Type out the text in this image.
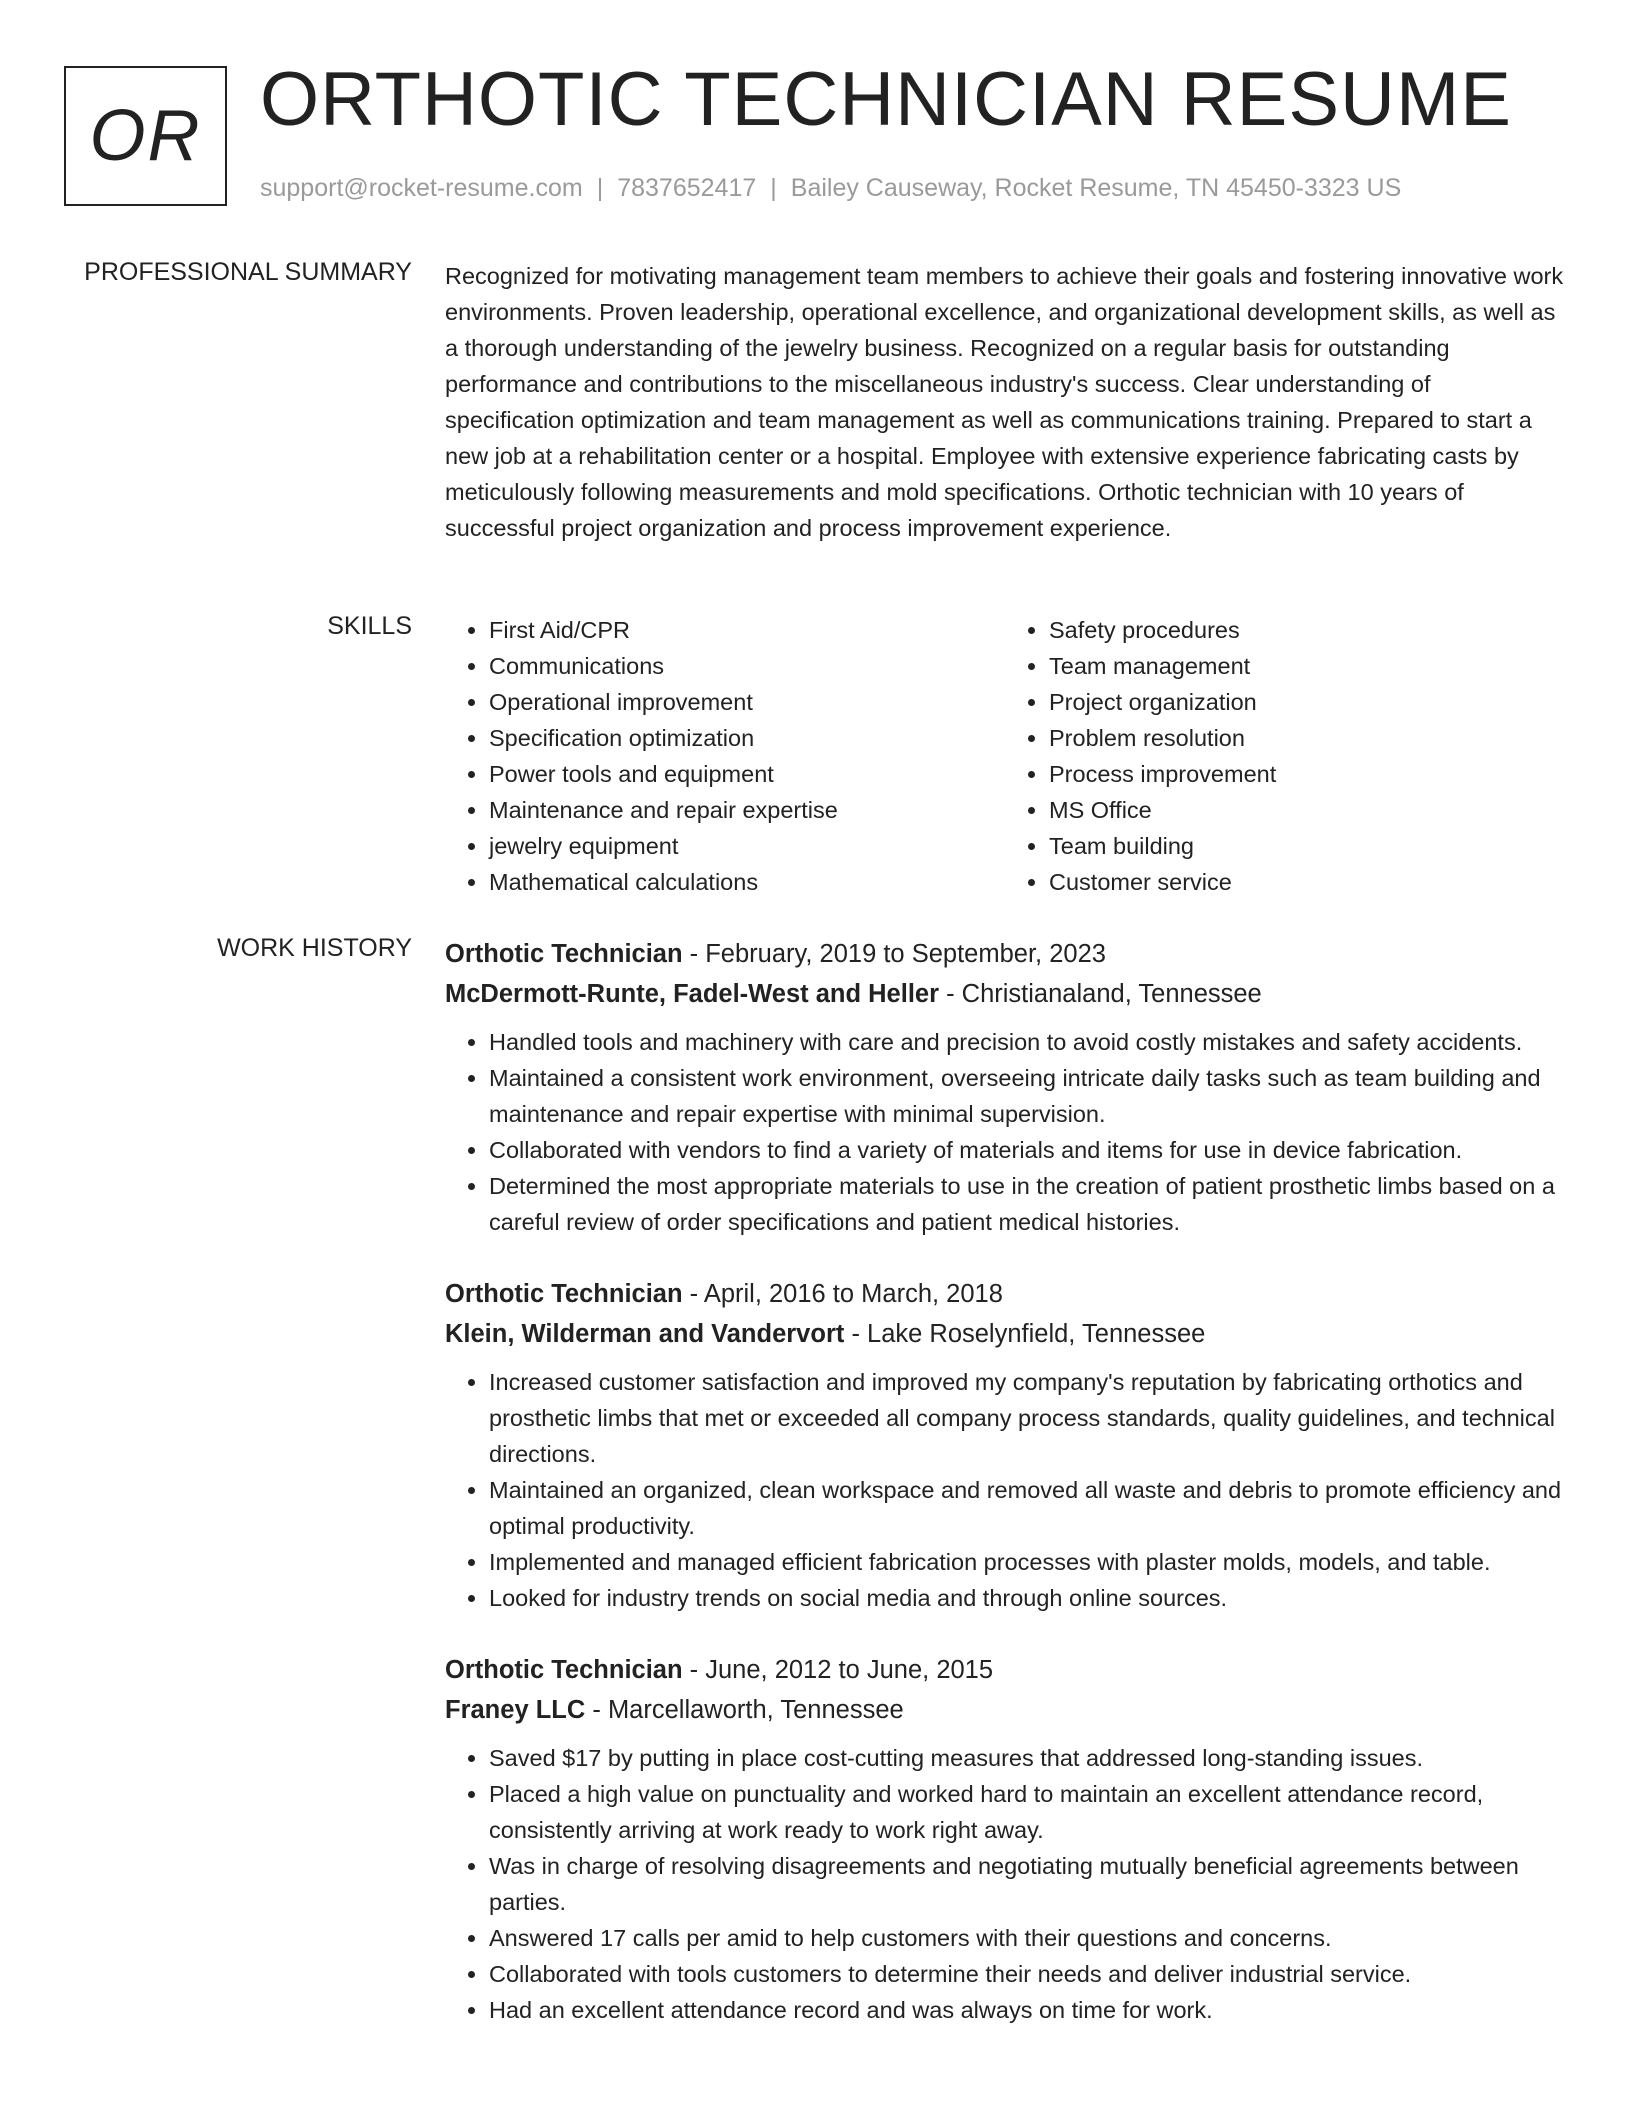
OR ORTHOTIC TECHNICIAN RESUME
support@rocket-resume.com | 7837652417 | Bailey Causeway, Rocket Resume, TN 45450-3323 US
PROFESSIONAL SUMMARY Recognized for motivating management team members to achieve their goals and fostering innovative work environments. Proven leadership, operational excellence, and organizational development skills, as well as a thorough understanding of the jewelry business. Recognized on a regular basis for outstanding performance and contributions to the miscellaneous industry's success. Clear understanding of specification optimization and team management as well as communications training. Prepared to start a new job at a rehabilitation center or a hospital. Employee with extensive experience fabricating casts by meticulously following measurements and mold specifications. Orthotic technician with 10 years of successful project organization and process improvement experience.

SKILLS
•	First Aid/CPR
• Communications
• Operational improvement
• Specification optimization
• Power tools and equipment
• Maintenance and repair expertise
• jewelry equipment
• Mathematical calculations
• Safety procedures
• Team management
• Project organization
• Problem resolution
• Process improvement
• MS Office
• Team building
• Customer service
WORK HISTORY Orthotic Technician - February, 2019 to September, 2023
McDermott-Runte, Fadel-West and Heller - Christianaland, Tennessee
• Handled tools and machinery with care and precision to avoid costly mistakes and safety accidents.
• Maintained a consistent work environment, overseeing intricate daily tasks such as team building and maintenance and repair expertise with minimal supervision.
• Collaborated with vendors to find a variety of materials and items for use in device fabrication.
• Determined the most appropriate materials to use in the creation of patient prosthetic limbs based on a careful review of order specifications and patient medical histories.
Orthotic Technician - April, 2016 to March, 2018
Klein, Wilderman and Vandervort - Lake Roselynfield, Tennessee
• Increased customer satisfaction and improved my company's reputation by fabricating orthotics and prosthetic limbs that met or exceeded all company process standards, quality guidelines, and technical directions.
• Maintained an organized, clean workspace and removed all waste and debris to promote efficiency and optimal productivity.
• Implemented and managed efficient fabrication processes with plaster molds, models, and table.
• Looked for industry trends on social media and through online sources.
Orthotic Technician - June, 2012 to June, 2015
Franey LLC - Marcellaworth, Tennessee
• Saved $17 by putting in place cost-cutting measures that addressed long-standing issues.
• Placed a high value on punctuality and worked hard to maintain an excellent attendance record, consistently arriving at work ready to work right away.
• Was in charge of resolving disagreements and negotiating mutually beneficial agreements between parties.
• Answered 17 calls per amid to help customers with their questions and concerns.
• Collaborated with tools customers to determine their needs and deliver industrial service.
• Had an excellent attendance record and was always on time for work.
